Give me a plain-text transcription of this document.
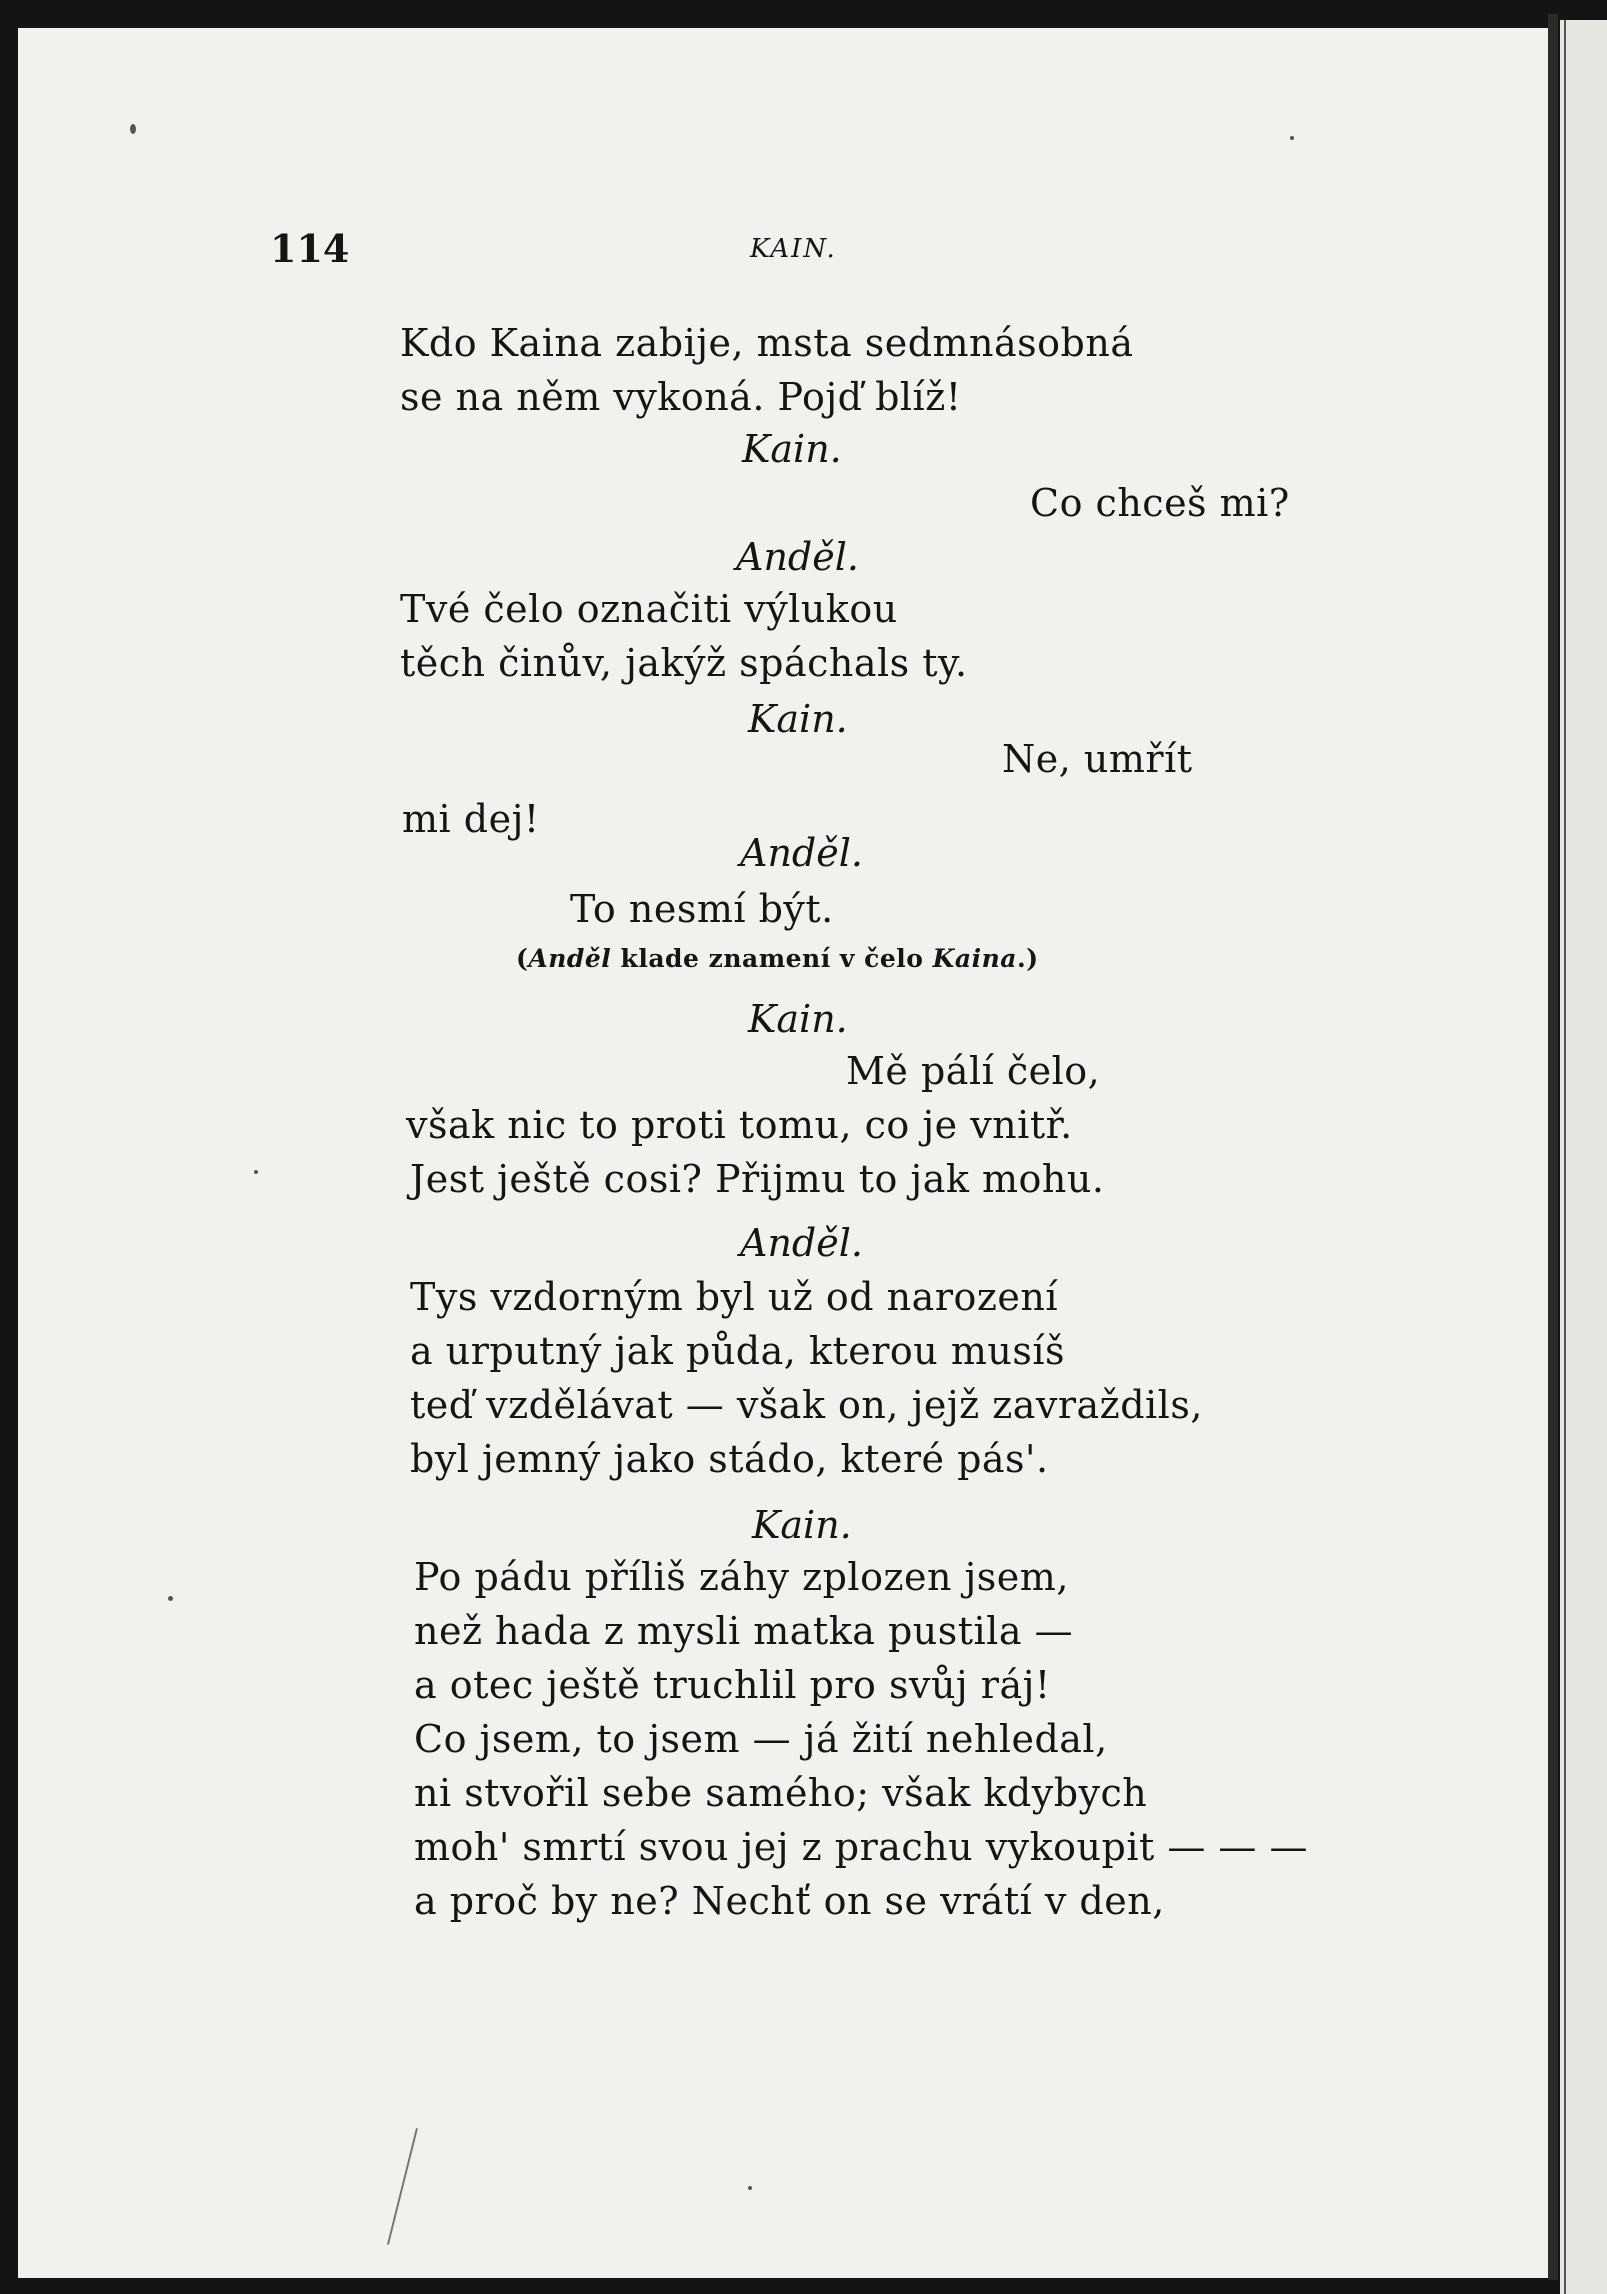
114	KAIN.
Kdo Kaina zabije, msta sedmnásobná
se na něm vykoná. Pojď blíž!
Kain.
Co chceš mi?
Anděl.
Tvé čelo označiti výlukou
těch činův, jakýž spáchals ty.
Kain.
Ne, umřít
mi dej!
Anděl.
To nesmí být.
(Anděl klade znamení v čelo Kaina.)
Kain.
Mě pálí čelo,
však nic to proti tomu, co je vnitř.
Jest ještě cosi? Přijmu to jak mohu.
Anděl.
Tys vzdorným byl už od narození
a urputný jak půda, kterou musíš
teď vzdělávat — však on, jejž zavraždils,
byl jemný jako stádo, které pás'.
Kain.
Po pádu příliš záhy zplozen jsem,
než hada z mysli matka pustila —
a otec ještě truchlil pro svůj ráj!
Co jsem, to jsem — já žití nehledal,
ni stvořil sebe samého; však kdybych
moh' smrtí svou jej z prachu vykoupit — — —
a proč by ne? Nechť on se vrátí v den,
